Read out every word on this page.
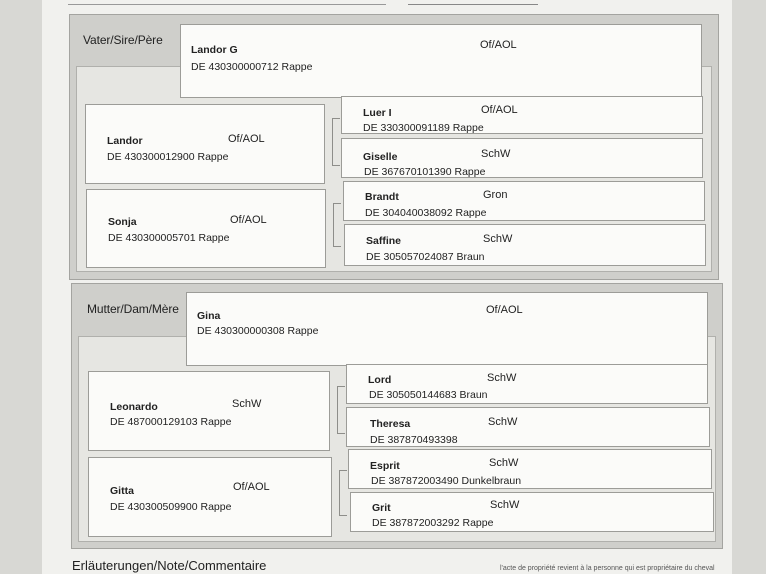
Vater/Sire/Père
Landor G	Of/AOL
DE 430300000712 Rappe
Landor	Of/AOL
DE 430300012900 Rappe
Sonja	Of/AOL
DE 430300005701 Rappe
Luer I	Of/AOL
DE 330300091189 Rappe
Giselle	SchW
DE 367670101390 Rappe
Brandt	Gron
DE 304040038092 Rappe
Saffine	SchW
DE 305057024087 Braun
Mutter/Dam/Mère Gina	Of/AOL
DE 430300000308 Rappe
Leonardo	SchW
DE 487000129103 Rappe
Gitta	Of/AOL
DE 430300509900 Rappe
Lord	SchW
DE 305050144683 Braun
Theresa	SchW
DE 387870493398
Esprit	SchW
DE 387872003490 Dunkelbraun
Grit	SchW
DE 387872003292 Rappe
Erläuterungen/Note/Commentaire	l'acte de propriété revient à la personne qui est propriétaire du cheval
